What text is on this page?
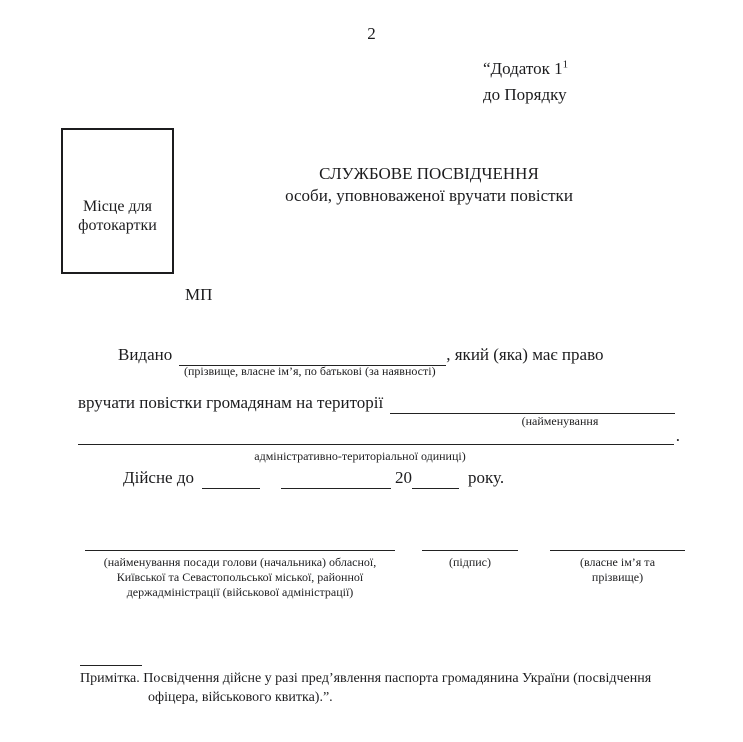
2
“Додаток $1^1$
до Порядку
Місце для
фотокартки
СЛУЖБОВЕ ПОСВІДЧЕННЯ
особи, уповноваженої вручати повістки
МП
Видано	, який (яка) має право
(прізвище, власне ім’я, по батькові (за наявності)
вручати повістки громадянам на території
(найменування
.
адміністративно-територіальної одиниці)
Дійсне до	20	року.
(найменування посади голови (начальника) обласної,
Київської та Севастопольської міської, районної
держадміністрації (військової адміністрації)
(підпис)	(власне ім’я та
прізвище)
Примітка. Посвідчення дійсне у разі пред’явлення паспорта громадянина України (посвідчення
офіцера, військового квитка).”.
